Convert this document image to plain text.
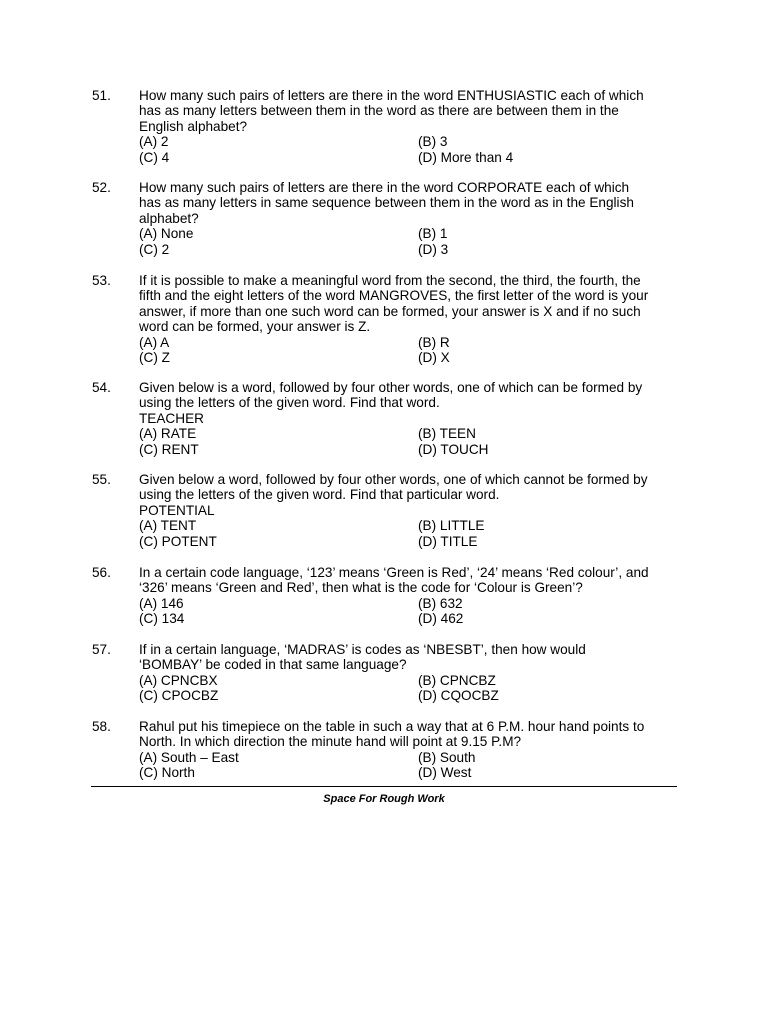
51. How many such pairs of letters are there in the word ENTHUSIASTIC each of which
has as many letters between them in the word as there are between them in the
English alphabet?

(A) 2	(B) 3
(C) 4	(D) More than 4
52. How many such pairs of letters are there in the word CORPORATE each of which
has as many letters in same sequence between them in the word as in the English
alphabet?

(A) None	(B) 1
(C) 2	(D) 3
53. If it is possible to make a meaningful word from the second, the third, the fourth, the
fifth and the eight letters of the word MANGROVES, the first letter of the word is your
answer, if more than one such word can be formed, your answer is X and if no such
word can be formed, your answer is Z.

(A) A	(B) R
(C) Z	(D) X
54. Given below is a word, followed by four other words, one of which can be formed by
using the letters of the given word. Find that word.
TEACHER

(A) RATE	(B) TEEN
(C) RENT	(D) TOUCH
55. Given below a word, followed by four other words, one of which cannot be formed by
using the letters of the given word. Find that particular word.
POTENTIAL

(A) TENT	(B) LITTLE
(C) POTENT	(D) TITLE
56. In a certain code language, ‘123’ means ‘Green is Red’, ‘24’ means ‘Red colour’, and
‘326’ means ‘Green and Red’, then what is the code for ‘Colour is Green’?

(A) 146	(B) 632
(C) 134	(D) 462
57. If in a certain language, ‘MADRAS’ is codes as ‘NBESBT’, then how would
‘BOMBAY’ be coded in that same language?

(A) CPNCBX	(B) CPNCBZ
(C) CPOCBZ	(D) CQOCBZ
58. Rahul put his timepiece on the table in such a way that at 6 P.M. hour hand points to
North. In which direction the minute hand will point at 9.15 P.M?

(A) South – East	(B) South
(C) North	(D) West
Space For Rough Work
